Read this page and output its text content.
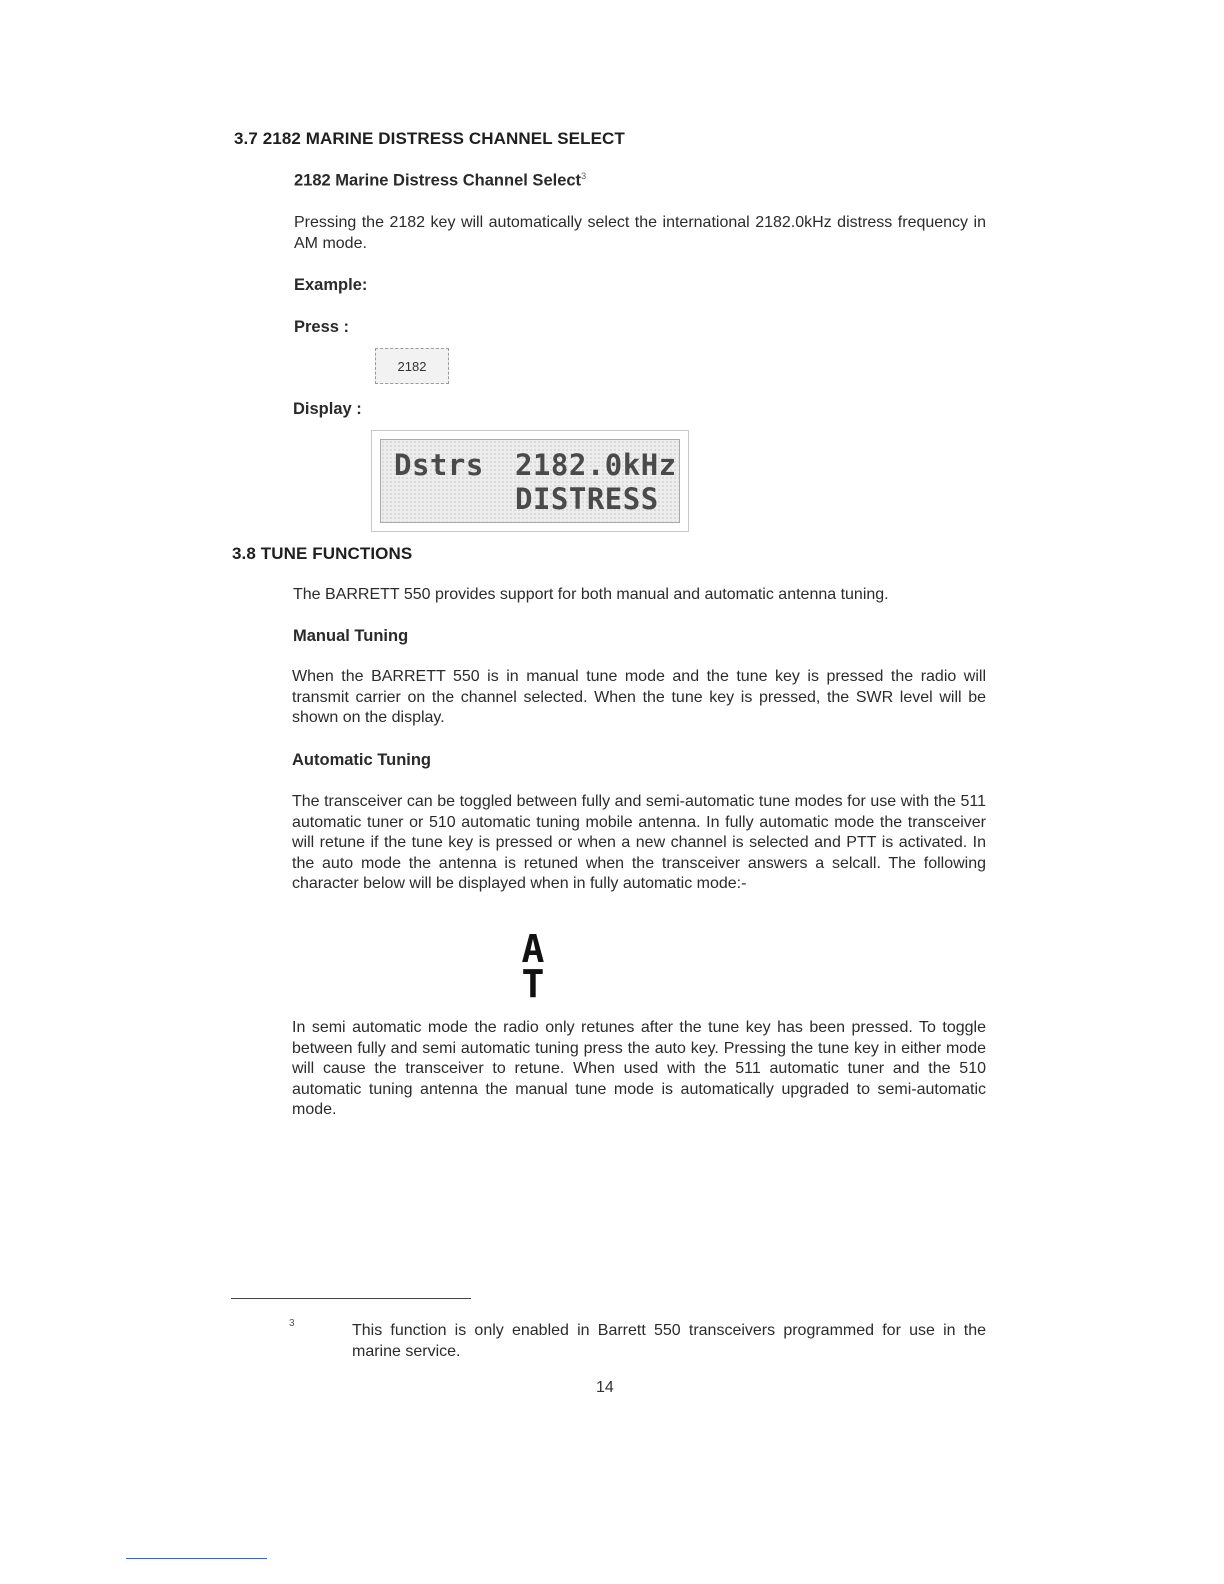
3.7 2182 MARINE DISTRESS CHANNEL SELECT
2182 Marine Distress Channel Select$^3$
Pressing the 2182 key will automatically select the international 2182.0kHz distress frequency in AM mode.
Example:
Press :
2182
Display :
Dstrs 2182.0kHz
DISTRESS
3.8 TUNE FUNCTIONS
The BARRETT 550 provides support for both manual and automatic antenna tuning.
Manual Tuning
When the BARRETT 550 is in manual tune mode and the tune key is pressed the radio will transmit carrier on the channel selected. When the tune key is pressed, the SWR level will be shown on the display.
Automatic Tuning
The transceiver can be toggled between fully and semi-automatic tune modes for use with the 511 automatic tuner or 510 automatic tuning mobile antenna. In fully automatic mode the transceiver will retune if the tune key is pressed or when a new channel is selected and PTT is activated. In the auto mode the antenna is retuned when the transceiver answers a selcall. The following character below will be displayed when in fully automatic mode:-
A
T
In semi automatic mode the radio only retunes after the tune key has been pressed. To toggle between fully and semi automatic tuning press the auto key. Pressing the tune key in either mode will cause the transceiver to retune. When used with the 511 automatic tuner and the 510 automatic tuning antenna the manual tune mode is automatically upgraded to semi-automatic mode.
3	This function is only enabled in Barrett 550 transceivers programmed for use in the marine service.
14
